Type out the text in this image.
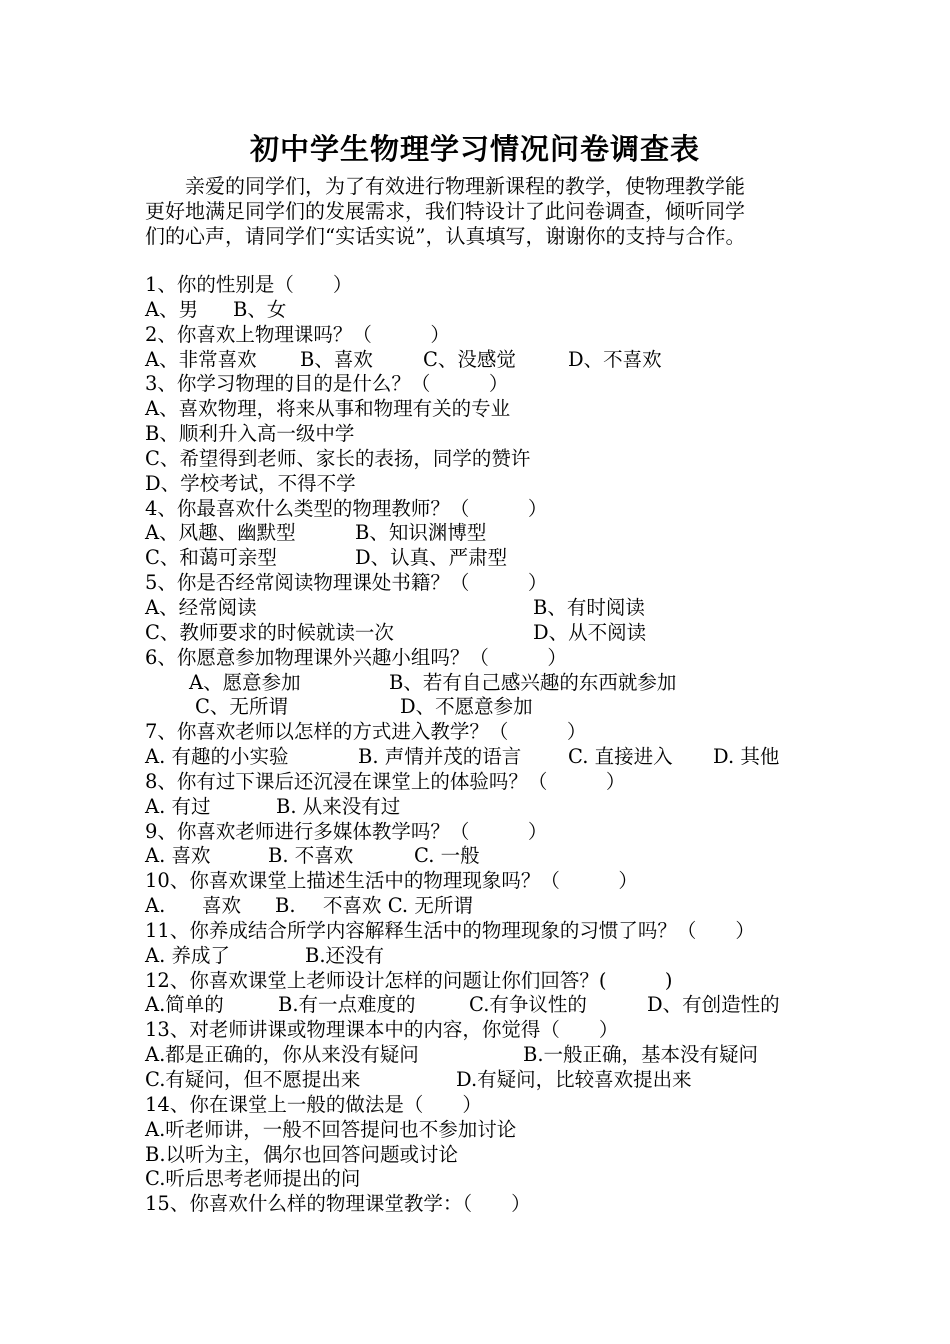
初中学生物理学习情况问卷调查表
　　亲爱的同学们，为了有效进行物理新课程的教学，使物理教学能
更好地满足同学们的发展需求，我们特设计了此问卷调查，倾听同学
们的心声，请同学们“实话实说”，认真填写，谢谢你的支持与合作。
1、你的性别是（　　）
A、男 B、女
2、你喜欢上物理课吗？（　　　）
A、非常喜欢 B、喜欢	C、没感觉	D、不喜欢
3、你学习物理的目的是什么？（　　　）
A、喜欢物理，将来从事和物理有关的专业
B、顺利升入高一级中学
C、希望得到老师、家长的表扬，同学的赞许
D、学校考试，不得不学
4、你最喜欢什么类型的物理教师？（　　　）
A、风趣、幽默型	B、知识渊博型
C、和蔼可亲型	D、认真、严肃型
5、你是否经常阅读物理课处书籍？（　　　）
A、经常阅读	B、有时阅读
C、教师要求的时候就读一次	D、从不阅读
6、你愿意参加物理课外兴趣小组吗？（　　　）
A、愿意参加	B、若有自己感兴趣的东西就参加
C、无所谓	D、不愿意参加
7、你喜欢老师以怎样的方式进入教学？（　　　）
A. 有趣的小实验	B. 声情并茂的语言 C. 直接进入 D. 其他
8、你有过下课后还沉浸在课堂上的体验吗？（　　　）
A. 有过	B. 从来没有过
9、你喜欢老师进行多媒体教学吗？（　　　）
A. 喜欢	B. 不喜欢	C. 一般
10、你喜欢课堂上描述生活中的物理现象吗？（　　　）
A. 喜欢 B. 不喜欢 C. 无所谓
11、你养成结合所学内容解释生活中的物理现象的习惯了吗？（　　）
A. 养成了	B.还没有
12、你喜欢课堂上老师设计怎样的问题让你们回答？(　　　)
A.简单的	B.有一点难度的	C.有争议性的	D、有创造性的
13、对老师讲课或物理课本中的内容，你觉得（　　）
A.都是正确的，你从来没有疑问	B.一般正确，基本没有疑问
C.有疑问，但不愿提出来	D.有疑问，比较喜欢提出来
14、你在课堂上一般的做法是（　　）
A.听老师讲，一般不回答提问也不参加讨论
B.以听为主，偶尔也回答问题或讨论
C.听后思考老师提出的问
15、你喜欢什么样的物理课堂教学：（　　）
